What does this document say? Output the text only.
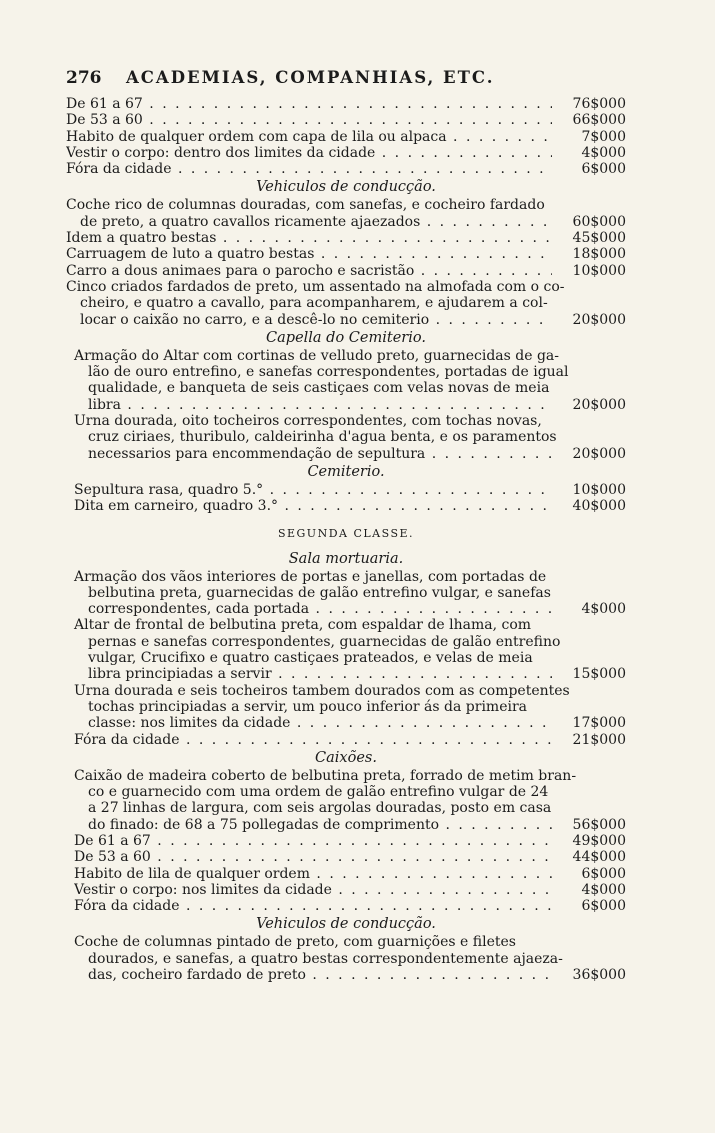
276	ACADEMIAS, COMPANHIAS, ETC.
De 61 a 67 . . .	76$000
De 53 a 60 . . .	66$000
Habito de qualquer ordem com capa de lila ou alpaca . . .	7$000
Vestir o corpo: dentro dos limites da cidade . . .	4$000
Fóra da cidade . . .	6$000
Vehiculos de conducção.
Coche rico de columnas douradas, com sanefas, e cocheiro fardado
de preto, a quatro cavallos ricamente ajaezados . . .	60$000
Idem a quatro bestas . . .	45$000
Carruagem de luto a quatro bestas . . .	18$000
Carro a dous animaes para o parocho e sacristão . . .	10$000
Cinco criados fardados de preto, um assentado na almofada com o co-
cheiro, e quatro a cavallo, para acompanharem, e ajudarem a col-
locar o caixão no carro, e a descê-lo no cemiterio . . .	20$000
Capella do Cemiterio.
Armação do Altar com cortinas de velludo preto, guarnecidas de ga-
lão de ouro entrefino, e sanefas correspondentes, portadas de igual
qualidade, e banqueta de seis castiçaes com velas novas de meia
libra . . .	20$000
Urna dourada, oito tocheiros correspondentes, com tochas novas,
cruz ciriaes, thuribulo, caldeirinha d'agua benta, e os paramentos
necessarios para encommendação de sepultura . . .	20$000
Cemiterio.
Sepultura rasa, quadro 5.° . . .	10$000
Dita em carneiro, quadro 3.° . . .	40$000
SEGUNDA CLASSE.
Sala mortuaria.
Armação dos vãos interiores de portas e janellas, com portadas de
belbutina preta, guarnecidas de galão entrefino vulgar, e sanefas
correspondentes, cada portada . . .	4$000
Altar de frontal de belbutina preta, com espaldar de lhama, com
pernas e sanefas correspondentes, guarnecidas de galão entrefino
vulgar, Crucifixo e quatro castiçaes prateados, e velas de meia
libra principiadas a servir . . .	15$000
Urna dourada e seis tocheiros tambem dourados com as competentes
tochas principiadas a servir, um pouco inferior ás da primeira
classe: nos limites da cidade . . .	17$000
Fóra da cidade . . .	21$000
Caixões.
Caixão de madeira coberto de belbutina preta, forrado de metim bran-
co e guarnecido com uma ordem de galão entrefino vulgar de 24
a 27 linhas de largura, com seis argolas douradas, posto em casa
do finado: de 68 a 75 pollegadas de comprimento . . .	56$000
De 61 a 67 . . .	49$000
De 53 a 60 . . .	44$000
Habito de lila de qualquer ordem . . .	6$000
Vestir o corpo: nos limites da cidade . . .	4$000
Fóra da cidade . . .	6$000
Vehiculos de conducção.
Coche de columnas pintado de preto, com guarnições e filetes
dourados, e sanefas, a quatro bestas correspondentemente ajaeza-
das, cocheiro fardado de preto . . .	36$000
